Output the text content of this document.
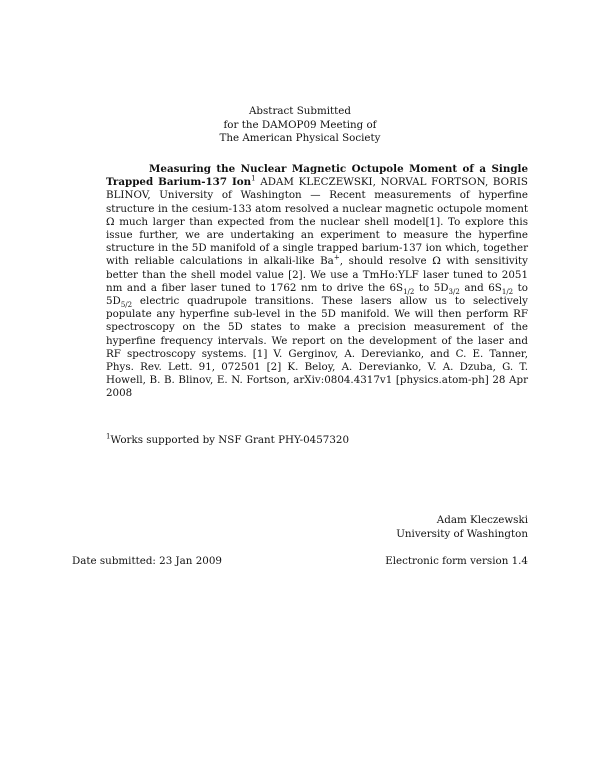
Abstract Submitted
for the DAMOP09 Meeting of
The American Physical Society
Measuring the Nuclear Magnetic Octupole Moment of a Single Trapped Barium-137 Ion$^1$ ADAM KLECZEWSKI, NORVAL FORTSON, BORIS BLINOV, University of Washington — Recent measurements of hyperfine structure in the cesium-133 atom resolved a nuclear magnetic octupole moment Ω much larger than expected from the nuclear shell model[1]. To explore this issue further, we are undertaking an experiment to measure the hyperfine structure in the 5D manifold of a single trapped barium-137 ion which, together with reliable calculations in alkali-like Ba+, should resolve Ω with sensitivity better than the shell model value [2]. We use a TmHo:YLF laser tuned to 2051 nm and a fiber laser tuned to 1762 nm to drive the $6S_{1/2}$ to $5D_{3/2}$ and $6S_{1/2}$ to $5D_{5/2}$ electric quadrupole transitions. These lasers allow us to selectively populate any hyperfine sub-level in the 5D manifold. We will then perform RF spectroscopy on the 5D states to make a precision measurement of the hyperfine frequency intervals. We report on the development of the laser and RF spectroscopy systems. [1] V. Gerginov, A. Derevianko, and C. E. Tanner, Phys. Rev. Lett. 91, 072501 [2] K. Beloy, A. Derevianko, V. A. Dzuba, G. T. Howell, B. B. Blinov, E. N. Fortson, arXiv:0804.4317v1 [physics.atom-ph] 28 Apr 2008
$^1$Works supported by NSF Grant PHY-0457320
Adam Kleczewski
University of Washington
Date submitted: 23 Jan 2009	Electronic form version 1.4
